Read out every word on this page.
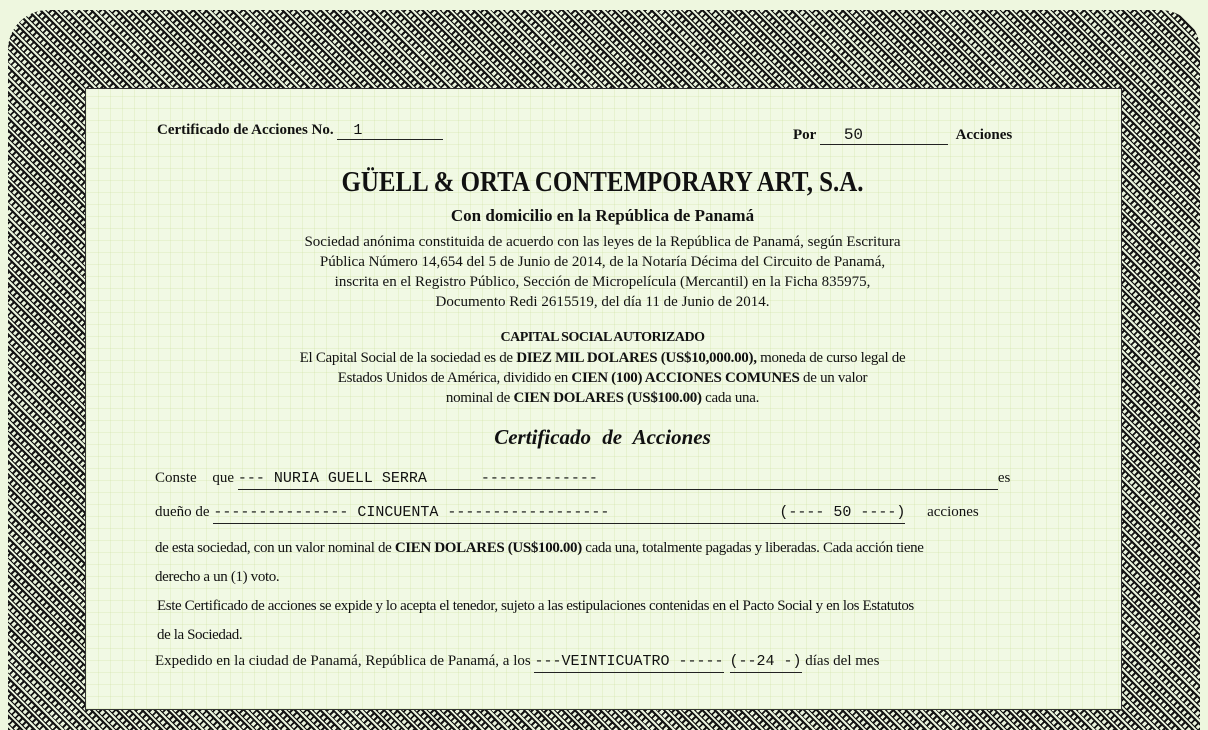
Certificado de Acciones No. 1	Por 50	Acciones
GÜELL & ORTA CONTEMPORARY ART, S.A.
Con domicilio en la República de Panamá
Sociedad anónima constituida de acuerdo con las leyes de la República de Panamá, según Escritura
Pública Número 14,654 del 5 de Junio de 2014, de la Notaría Décima del Circuito de Panamá,
inscrita en el Registro Público, Sección de Micropelícula (Mercantil) en la Ficha 835975,
Documento Redi 2615519, del día 11 de Junio de 2014.
CAPITAL SOCIAL AUTORIZADO
El Capital Social de la sociedad es de DIEZ MIL DOLARES (US$10,000.00), moneda de curso legal de
Estados Unidos de América, dividido en CIEN (100) ACCIONES COMUNES de un valor
nominal de CIEN DOLARES (US$100.00) cada una.
Certificado de Acciones
Conste que --- NURIA GUELL SERRA      -------------	es
dueño de --------------- CINCUENTA ------------------	(---- 50 ----) acciones
de esta sociedad, con un valor nominal de CIEN DOLARES (US$100.00) cada una, totalmente pagadas y liberadas. Cada acción tiene
derecho a un (1) voto.
Este Certificado de acciones se expide y lo acepta el tenedor, sujeto a las estipulaciones contenidas en el Pacto Social y en los Estatutos
de la Sociedad.
Expedido en la ciudad de Panamá, República de Panamá, a los ---VEINTICUATRO ----- (--24 -) días del mes
